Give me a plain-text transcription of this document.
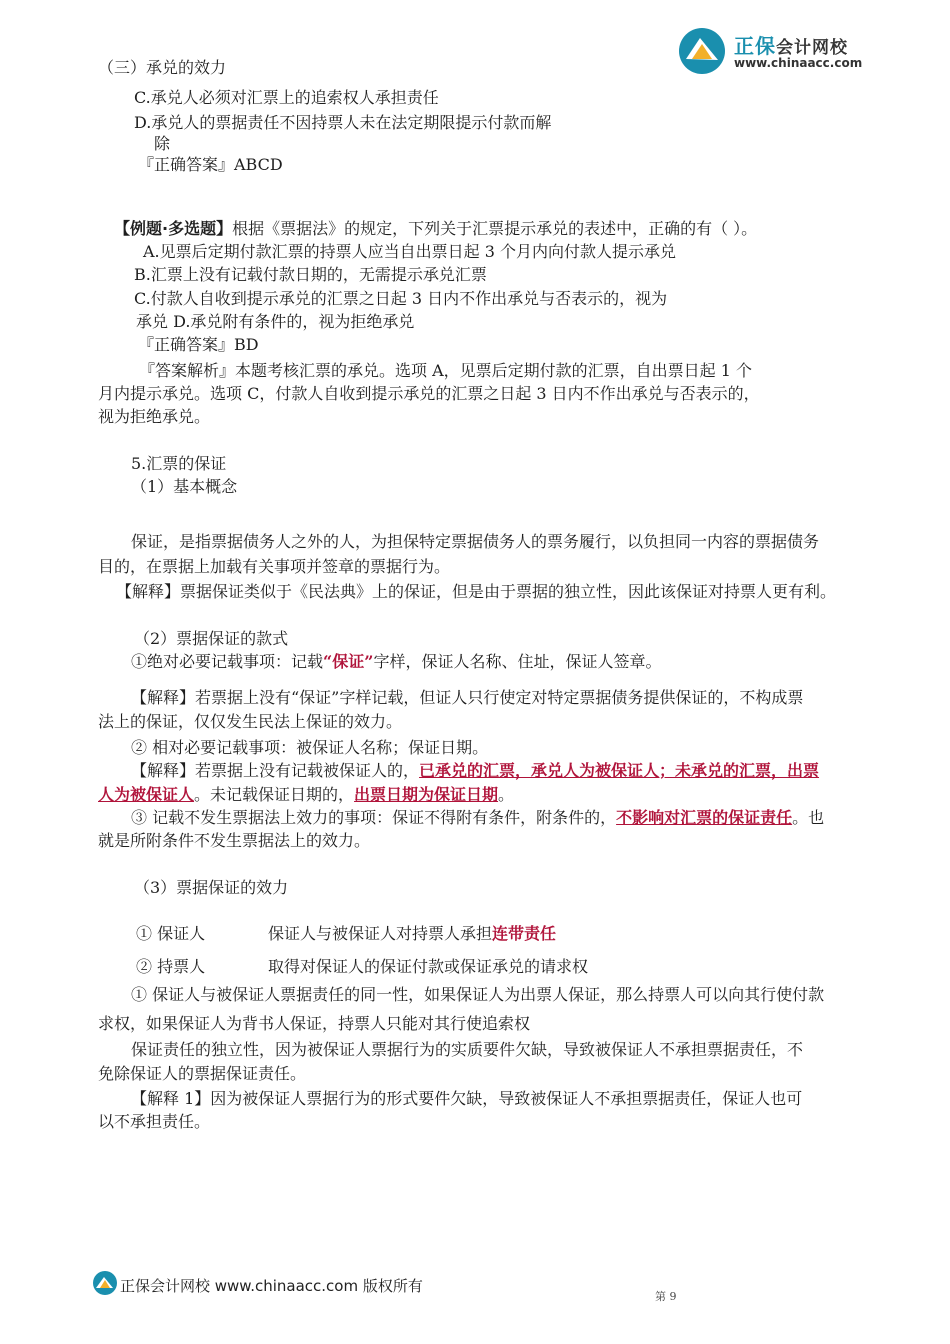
正保会计网校
www.chinaacc.com
（三）承兑的效力
C.承兑人必须对汇票上的追索权人承担责任
D.承兑人的票据责任不因持票人未在法定期限提示付款而解
除
『正确答案』ABCD
【例题·多选题】根据《票据法》的规定，下列关于汇票提示承兑的表述中，正确的有（ ）。
A.见票后定期付款汇票的持票人应当自出票日起 3 个月内向付款人提示承兑
B.汇票上没有记载付款日期的，无需提示承兑汇票
C.付款人自收到提示承兑的汇票之日起 3 日内不作出承兑与否表示的，视为
承兑 D.承兑附有条件的，视为拒绝承兑
『正确答案』BD
『答案解析』本题考核汇票的承兑。选项 A，见票后定期付款的汇票，自出票日起 1 个
月内提示承兑。选项 C，付款人自收到提示承兑的汇票之日起 3 日内不作出承兑与否表示的，
视为拒绝承兑。
5.汇票的保证
（1）基本概念
保证，是指票据债务人之外的人，为担保特定票据债务人的票务履行，以负担同一内容的票据债务
目的，在票据上加载有关事项并签章的票据行为。
【解释】票据保证类似于《民法典》上的保证，但是由于票据的独立性，因此该保证对持票人更有利。
（2）票据保证的款式
①绝对必要记载事项：记载“保证”字样，保证人名称、住址，保证人签章。
【解释】若票据上没有“保证”字样记载，但证人只行使定对特定票据债务提供保证的，不构成票
法上的保证，仅仅发生民法上保证的效力。
② 相对必要记载事项：被保证人名称；保证日期。
【解释】若票据上没有记载被保证人的，已承兑的汇票，承兑人为被保证人；未承兑的汇票，出票
人为被保证人。未记载保证日期的，出票日期为保证日期。
③ 记载不发生票据法上效力的事项：保证不得附有条件，附条件的，不影响对汇票的保证责任。也
就是所附条件不发生票据法上的效力。
（3）票据保证的效力
① 保证人	保证人与被保证人对持票人承担连带责任
② 持票人	取得对保证人的保证付款或保证承兑的请求权
① 保证人与被保证人票据责任的同一性，如果保证人为出票人保证，那么持票人可以向其行使付款
求权，如果保证人为背书人保证，持票人只能对其行使追索权
保证责任的独立性，因为被保证人票据行为的实质要件欠缺，导致被保证人不承担票据责任，不
免除保证人的票据保证责任。
【解释 1】因为被保证人票据行为的形式要件欠缺，导致被保证人不承担票据责任，保证人也可
以不承担责任。
正保会计网校 www.chinaacc.com 版权所有
第 9
